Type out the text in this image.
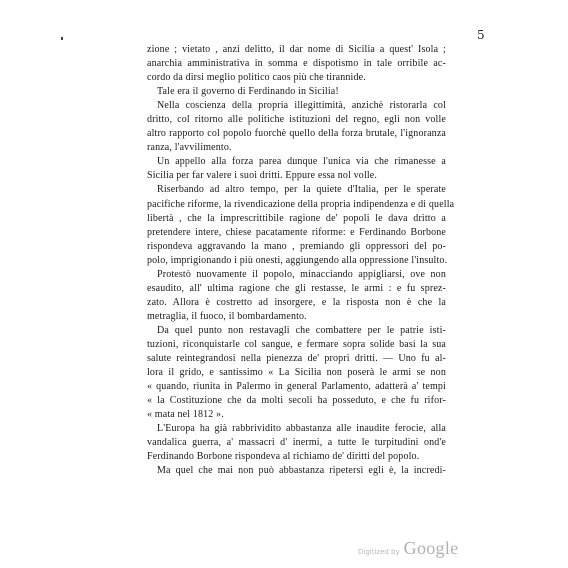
5
zione ; vietato , anzi delitto, il dar nome di Sicilia a quest' Isola ;
anarchia amministrativa in somma e dispotismo in tale orribile ac-
cordo da dirsi meglio politico caos più che tirannide.
Tale era il governo di Ferdinando in Sicilia!
Nella coscienza della propria illegittimità, anzichè ristorarla col
dritto, col ritorno alle politiche istituzioni del regno, egli non volle
altro rapporto col popolo fuorchè quello della forza brutale, l'ignoranza
ranza, l'avvilimento.
Un appello alla forza parea dunque l'unica via che rimanesse a
Sicilia per far valere i suoi dritti. Eppure essa nol volle.
Riserbando ad altro tempo, per la quiete d'Italia, per le sperate
pacifiche riforme, la rivendicazione della propria indipendenza e di quella
libertà , che la imprescrittibile ragione de' popoli le dava dritto a
pretendere intere, chiese pacatamente riforme: e Ferdinando Borbone
rispondeva aggravando la mano , premiando gli oppressori del po-
polo, imprigionando i più onesti, aggiungendo alla oppressione l'insulto.
Protestò nuovamente il popolo, minacciando appigliarsi, ove non
esaudito, all' ultima ragione che gli restasse, le armi : e fu sprez-
zato. Allora è costretto ad insorgere, e la risposta non è che la
metraglia, il fuoco, il bombardamento.
Da quel punto non restavagli che combattere per le patrie isti-
tuzioni, riconquistarle col sangue, e fermare sopra solide basi la sua
salute reintegrandosi nella pienezza de' propri dritti. — Uno fu al-
lora il grido, e santissimo « La Sicilia non poserà le armi se non
« quando, riunita in Palermo in general Parlamento, adatterà a' tempi
« la Costituzione che da molti secoli ha posseduto, e che fu rifor-
« mata nel 1812 ».
L'Europa ha già rabbrividito abbastanza alle inaudite ferocie, alla
vandalica guerra, a' massacri d' inermi, a tutte le turpitudini ond'e
Ferdinando Borbone rispondeva al richiamo de' diritti del popolo.
Ma quel che mai non può abbastanza ripetersi egli è, la incredi-
Digitized by Google
